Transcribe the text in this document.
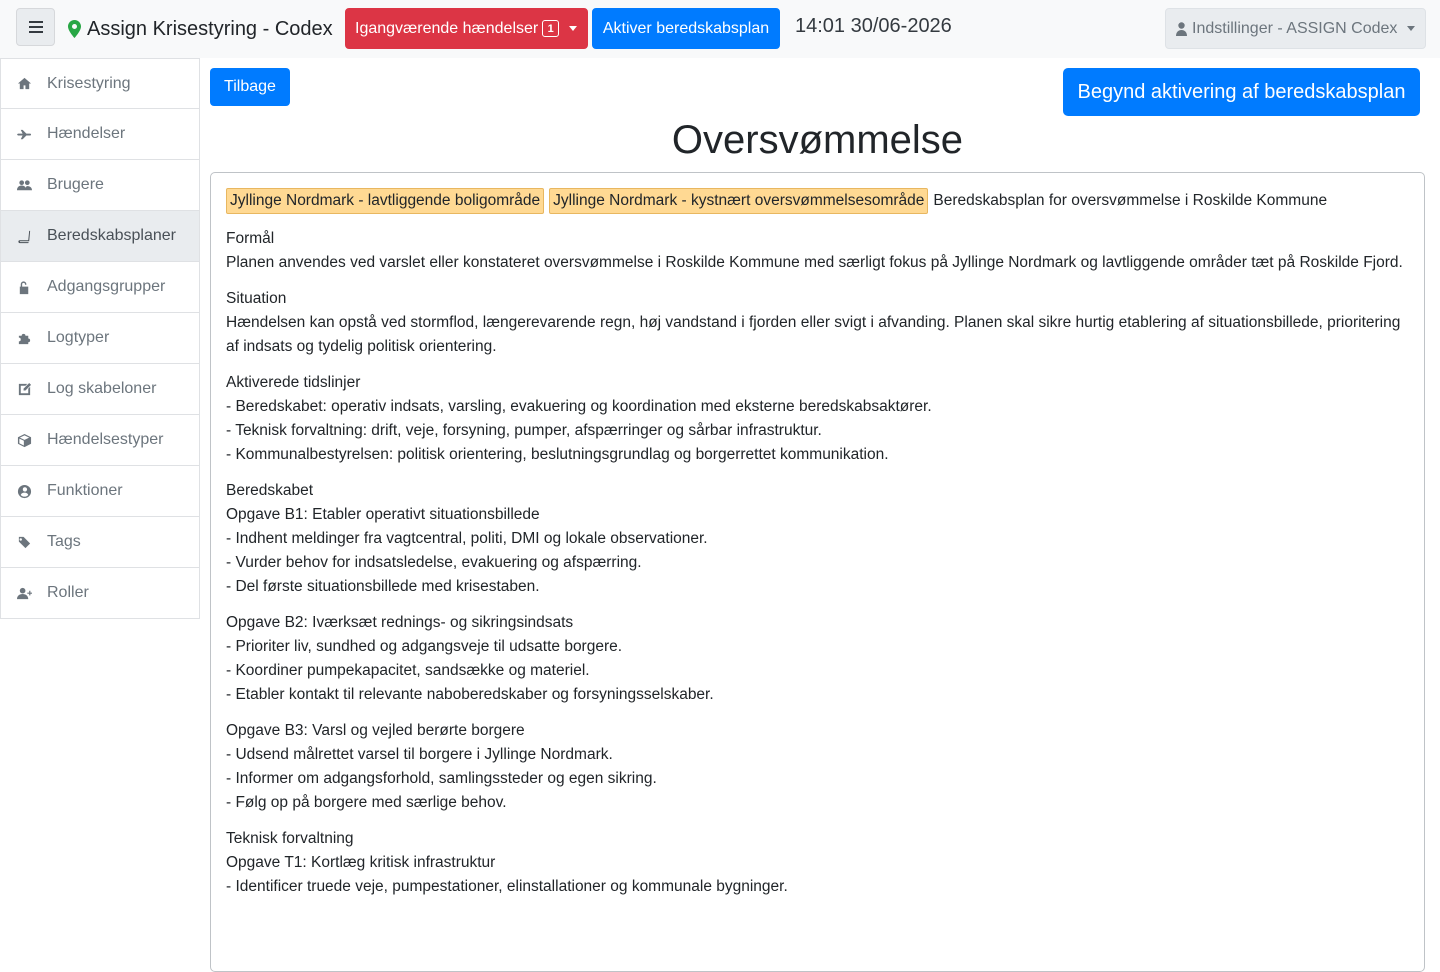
Assign Krisestyring - Codex Igangværende hændelser 1	Aktiver beredskabsplan 14:01 30/06-2026	Indstillinger - ASSIGN Codex
Krisestyring
Hændelser
Brugere
Beredskabsplaner
Adgangsgrupper
Logtyper
Log skabeloner
Hændelsestyper
Funktioner
Tags
Roller
Tilbage	Begynd aktivering af beredskabsplan
Oversvømmelse
Jyllinge Nordmark - lavtliggende boligområde Jyllinge Nordmark - kystnært oversvømmelsesområde Beredskabsplan for oversvømmelse i Roskilde Kommune

Formål

Planen anvendes ved varslet eller konstateret oversvømmelse i Roskilde Kommune med særligt fokus på Jyllinge Nordmark og lavtliggende områder tæt på Roskilde Fjord.

Situation

Hændelsen kan opstå ved stormflod, længerevarende regn, høj vandstand i fjorden eller svigt i afvanding. Planen skal sikre hurtig etablering af situationsbillede, prioritering af indsats og tydelig politisk orientering.

Aktiverede tidslinjer

- Beredskabet: operativ indsats, varsling, evakuering og koordination med eksterne beredskabsaktører.

- Teknisk forvaltning: drift, veje, forsyning, pumper, afspærringer og sårbar infrastruktur.

- Kommunalbestyrelsen: politisk orientering, beslutningsgrundlag og borgerrettet kommunikation.

Beredskabet

Opgave B1: Etabler operativt situationsbillede

- Indhent meldinger fra vagtcentral, politi, DMI og lokale observationer.

- Vurder behov for indsatsledelse, evakuering og afspærring.

- Del første situationsbillede med krisestaben.

Opgave B2: Iværksæt rednings- og sikringsindsats

- Prioriter liv, sundhed og adgangsveje til udsatte borgere.

- Koordiner pumpekapacitet, sandsække og materiel.

- Etabler kontakt til relevante naboberedskaber og forsyningsselskaber.

Opgave B3: Varsl og vejled berørte borgere

- Udsend målrettet varsel til borgere i Jyllinge Nordmark.

- Informer om adgangsforhold, samlingssteder og egen sikring.

- Følg op på borgere med særlige behov.

Teknisk forvaltning

Opgave T1: Kortlæg kritisk infrastruktur

- Identificer truede veje, pumpestationer, elinstallationer og kommunale bygninger.
